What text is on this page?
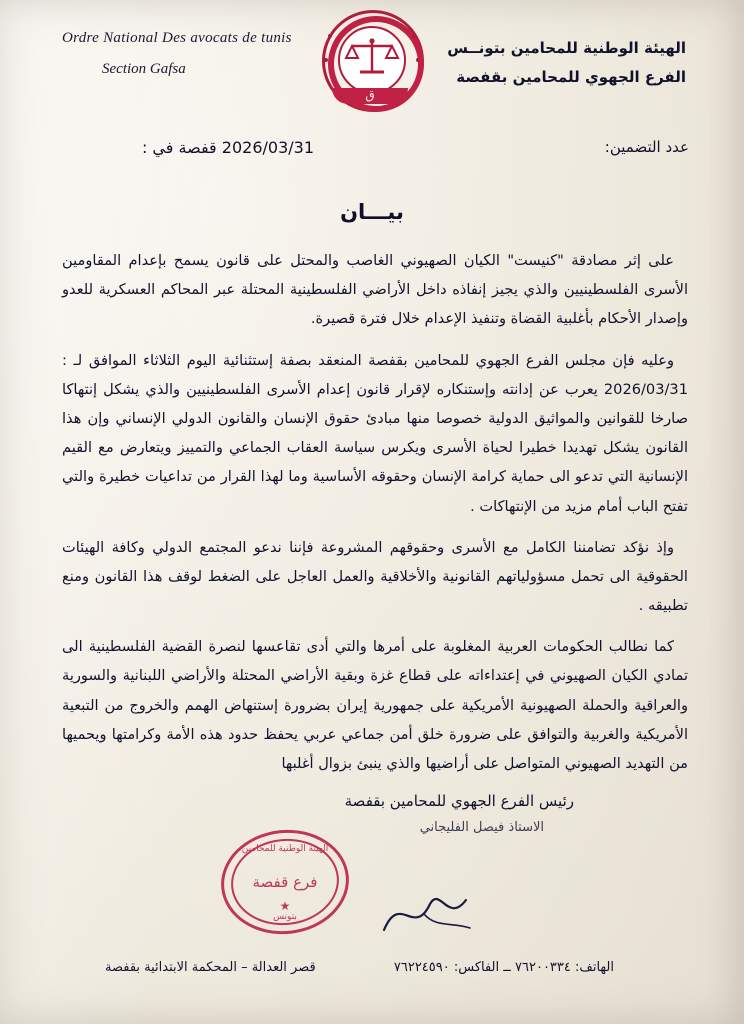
Ordre National Des avocats de tunis
Section Gafsa
ق
الهيئة الوطنية للمحامين بتونــس
الفرع الجهوي للمحامين بقفصة
عدد التضمين:
2026/03/31 قفصة في :
بيـــان

على إثر مصادقة "كنيست" الكيان الصهيوني الغاصب والمحتل على قانون يسمح بإعدام المقاومين الأسرى الفلسطينيين والذي يجيز إنفاذه داخل الأراضي الفلسطينية المحتلة عبر المحاكم العسكرية للعدو وإصدار الأحكام بأغلبية القضاة وتنفيذ الإعدام خلال فترة قصيرة.

وعليه فإن مجلس الفرع الجهوي للمحامين بقفصة المنعقد بصفة إستثنائية اليوم الثلاثاء الموافق لـ : 2026/03/31 يعرب عن إدانته وإستنكاره لإقرار قانون إعدام الأسرى الفلسطينيين والذي يشكل إنتهاكا صارخا للقوانين والمواثيق الدولية خصوصا منها مبادئ حقوق الإنسان والقانون الدولي الإنساني وإن هذا القانون يشكل تهديدا خطيرا لحياة الأسرى ويكرس سياسة العقاب الجماعي والتمييز ويتعارض مع القيم الإنسانية التي تدعو الى حماية كرامة الإنسان وحقوقه الأساسية وما لهذا القرار من تداعيات خطيرة والتي تفتح الباب أمام مزيد من الإنتهاكات .

وإذ نؤكد تضامننا الكامل مع الأسرى وحقوقهم المشروعة فإننا ندعو المجتمع الدولي وكافة الهيئات الحقوقية الى تحمل مسؤولياتهم القانونية والأخلاقية والعمل العاجل على الضغط لوقف هذا القانون ومنع تطبيقه .

كما نطالب الحكومات العربية المغلوبة على أمرها والتي أدى تقاعسها لنصرة القضية الفلسطينية الى تمادي الكيان الصهيوني في إعتداءاته على قطاع غزة وبقية الأراضي المحتلة والأراضي اللبنانية والسورية والعراقية والحملة الصهيونية الأمريكية على جمهورية إيران بضرورة إستنهاض الهمم والخروج من التبعية الأمريكية والغربية والتوافق على ضرورة خلق أمن جماعي عربي يحفظ حدود هذه الأمة وكرامتها ويحميها من التهديد الصهيوني المتواصل على أراضيها والذي ينبئ بزوال أغلبها

رئيس الفرع الجهوي للمحامين بقفصة
الاستاذ فيصل الفليجاني
الهيئة الوطنية للمحامين
فرع قفصة
★
بتونس
الهاتف: ٧٦٢٠٠٣٣٤ ــ الفاكس: ٧٦٢٢٤٥٩٠
قصر العدالة – المحكمة الابتدائية بقفصة
